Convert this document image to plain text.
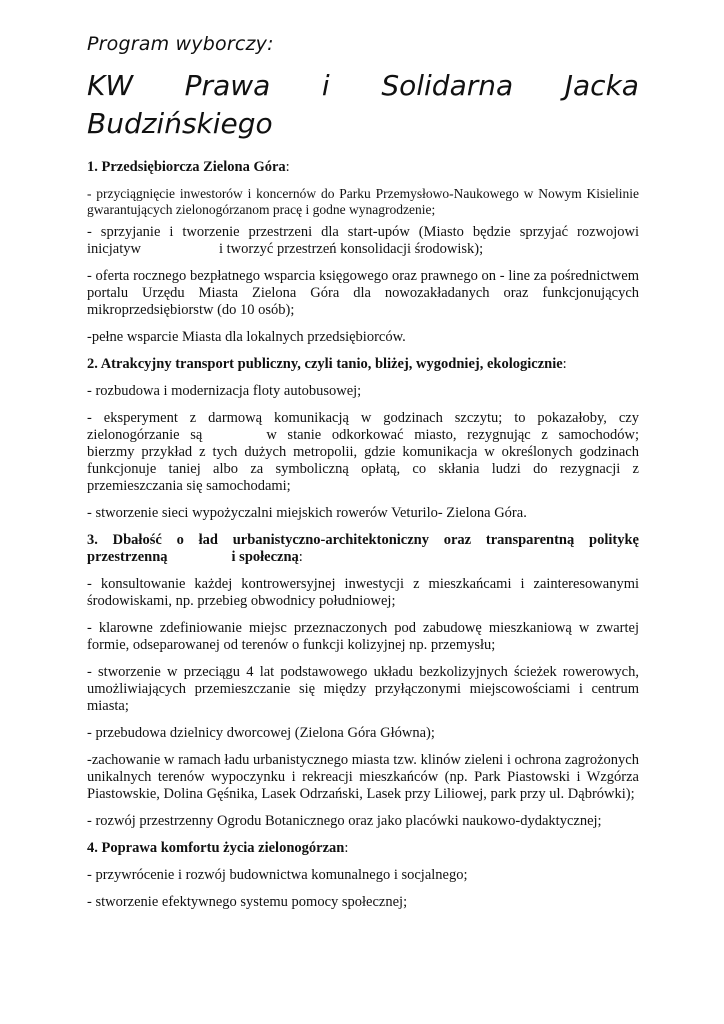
Program wyborczy:
KW Prawa i Solidarna Jacka
Budzińskiego
1. Przedsiębiorcza Zielona Góra:

- przyciągnięcie inwestorów i koncernów do Parku Przemysłowo-Naukowego w Nowym Kisielinie gwarantujących zielonogórzanom pracę i godne wynagrodzenie;

- sprzyjanie i tworzenie przestrzeni dla start-upów (Miasto będzie sprzyjać rozwojowi inicjatyw	i tworzyć przestrzeń konsolidacji środowisk);

- oferta rocznego bezpłatnego wsparcia księgowego oraz prawnego on - line za pośrednictwem portalu Urzędu Miasta Zielona Góra dla nowozakładanych oraz funkcjonujących mikroprzedsiębiorstw (do 10 osób);

-pełne wsparcie Miasta dla lokalnych przedsiębiorców.

2. Atrakcyjny transport publiczny, czyli tanio, bliżej, wygodniej, ekologicznie:

- rozbudowa i modernizacja floty autobusowej;

- eksperyment z darmową komunikacją w godzinach szczytu; to pokazałoby, czy zielonogórzanie są	w stanie odkorkować miasto, rezygnując z samochodów; bierzmy przykład z tych dużych metropolii, gdzie komunikacja w określonych godzinach funkcjonuje taniej albo za symboliczną opłatą, co skłania ludzi do rezygnacji z przemieszczania się samochodami;

- stworzenie sieci wypożyczalni miejskich rowerów Veturilo- Zielona Góra.

3. Dbałość o ład urbanistyczno-architektoniczny oraz transparentną politykę
przestrzenną	i społeczną:

- konsultowanie każdej kontrowersyjnej inwestycji z mieszkańcami i zainteresowanymi środowiskami, np. przebieg obwodnicy południowej;

- klarowne zdefiniowanie miejsc przeznaczonych pod zabudowę mieszkaniową w zwartej formie, odseparowanej od terenów o funkcji kolizyjnej np. przemysłu;

- stworzenie w przeciągu 4 lat podstawowego układu bezkolizyjnych ścieżek rowerowych, umożliwiających przemieszczanie się między przyłączonymi miejscowościami i centrum miasta;

- przebudowa dzielnicy dworcowej (Zielona Góra Główna);

-zachowanie w ramach ładu urbanistycznego miasta tzw. klinów zieleni i ochrona zagrożonych unikalnych terenów wypoczynku i rekreacji mieszkańców (np. Park Piastowski i Wzgórza Piastowskie, Dolina Gęśnika, Lasek Odrzański, Lasek przy Liliowej, park przy ul. Dąbrówki);

- rozwój przestrzenny Ogrodu Botanicznego oraz jako placówki naukowo-dydaktycznej;

4. Poprawa komfortu życia zielonogórzan:

- przywrócenie i rozwój budownictwa komunalnego i socjalnego;

- stworzenie efektywnego systemu pomocy społecznej;
